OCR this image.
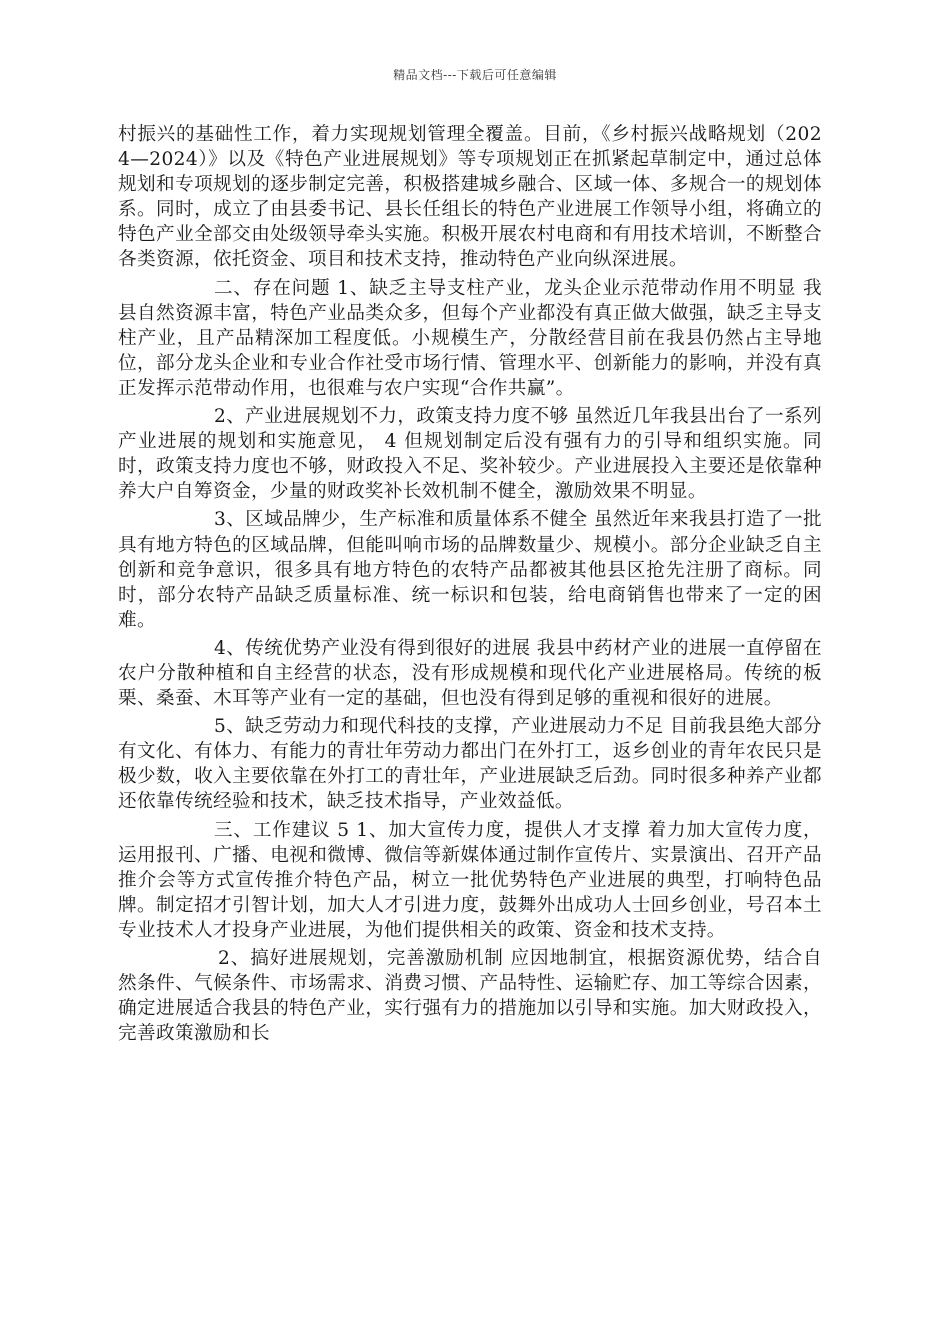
精品文档---下载后可任意编辑

村振兴的基础性工作，着力实现规划管理全覆盖。目前，《乡村振兴战略规划（2024—2024）》以及《特色产业进展规划》等专项规划正在抓紧起草制定中，通过总体规划和专项规划的逐步制定完善，积极搭建城乡融合、区域一体、多规合一的规划体系。同时，成立了由县委书记、县长任组长的特色产业进展工作领导小组，将确立的特色产业全部交由处级领导牵头实施。积极开展农村电商和有用技术培训，不断整合各类资源，依托资金、项目和技术支持，推动特色产业向纵深进展。

二、存在问题 1、缺乏主导支柱产业，龙头企业示范带动作用不明显 我县自然资源丰富，特色产业品类众多，但每个产业都没有真正做大做强，缺乏主导支柱产业，且产品精深加工程度低。小规模生产，分散经营目前在我县仍然占主导地位，部分龙头企业和专业合作社受市场行情、管理水平、创新能力的影响，并没有真正发挥示范带动作用，也很难与农户实现“合作共赢”。

2、产业进展规划不力，政策支持力度不够 虽然近几年我县出台了一系列产业进展的规划和实施意见， 4 但规划制定后没有强有力的引导和组织实施。同时，政策支持力度也不够，财政投入不足、奖补较少。产业进展投入主要还是依靠种养大户自筹资金，少量的财政奖补长效机制不健全，激励效果不明显。

3、区域品牌少，生产标准和质量体系不健全 虽然近年来我县打造了一批具有地方特色的区域品牌，但能叫响市场的品牌数量少、规模小。部分企业缺乏自主创新和竞争意识，很多具有地方特色的农特产品都被其他县区抢先注册了商标。同时，部分农特产品缺乏质量标准、统一标识和包装，给电商销售也带来了一定的困难。

4、传统优势产业没有得到很好的进展 我县中药材产业的进展一直停留在农户分散种植和自主经营的状态，没有形成规模和现代化产业进展格局。传统的板栗、桑蚕、木耳等产业有一定的基础，但也没有得到足够的重视和很好的进展。

5、缺乏劳动力和现代科技的支撑，产业进展动力不足 目前我县绝大部分有文化、有体力、有能力的青壮年劳动力都出门在外打工，返乡创业的青年农民只是极少数，收入主要依靠在外打工的青壮年，产业进展缺乏后劲。同时很多种养产业都还依靠传统经验和技术，缺乏技术指导，产业效益低。

三、工作建议 5 1、加大宣传力度，提供人才支撑 着力加大宣传力度，运用报刊、广播、电视和微博、微信等新媒体通过制作宣传片、实景演出、召开产品推介会等方式宣传推介特色产品，树立一批优势特色产业进展的典型，打响特色品牌。制定招才引智计划，加大人才引进力度，鼓舞外出成功人士回乡创业，号召本土专业技术人才投身产业进展，为他们提供相关的政策、资金和技术支持。

2、搞好进展规划，完善激励机制 应因地制宜，根据资源优势，结合自然条件、气候条件、市场需求、消费习惯、产品特性、运输贮存、加工等综合因素，确定进展适合我县的特色产业，实行强有力的措施加以引导和实施。加大财政投入，完善政策激励和长
